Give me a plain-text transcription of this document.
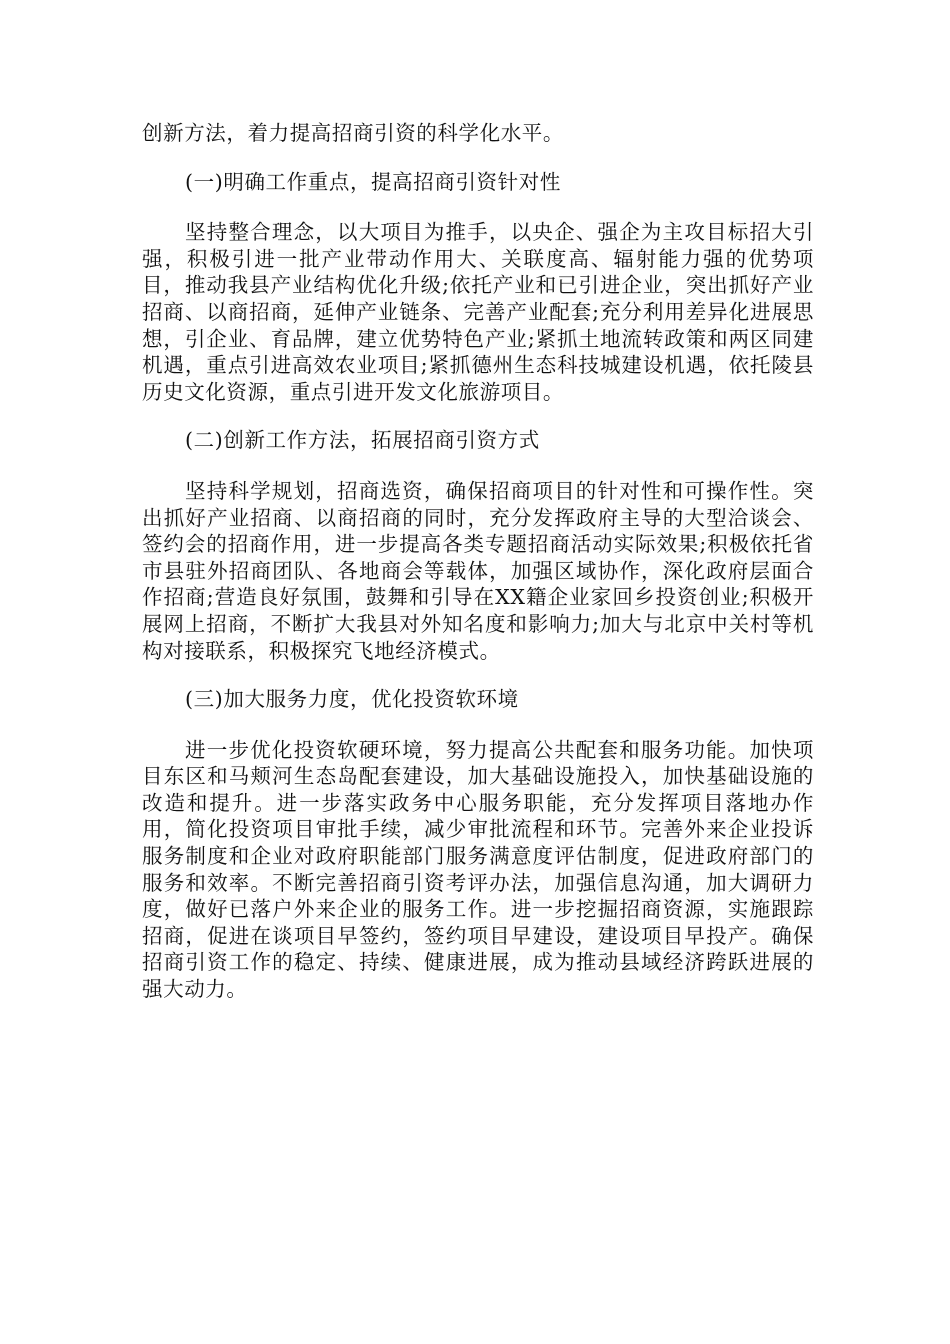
创新方法，着力提高招商引资的科学化水平。

(一)明确工作重点，提高招商引资针对性

坚持整合理念，以大项目为推手，以央企、强企为主攻目标招大引强，积极引进一批产业带动作用大、关联度高、辐射能力强的优势项目，推动我县产业结构优化升级;依托产业和已引进企业，突出抓好产业招商、以商招商，延伸产业链条、完善产业配套;充分利用差异化进展思想，引企业、育品牌，建立优势特色产业;紧抓土地流转政策和两区同建机遇，重点引进高效农业项目;紧抓德州生态科技城建设机遇，依托陵县历史文化资源，重点引进开发文化旅游项目。

(二)创新工作方法，拓展招商引资方式

坚持科学规划，招商选资，确保招商项目的针对性和可操作性。突出抓好产业招商、以商招商的同时，充分发挥政府主导的大型洽谈会、签约会的招商作用，进一步提高各类专题招商活动实际效果;积极依托省市县驻外招商团队、各地商会等载体，加强区域协作，深化政府层面合作招商;营造良好氛围，鼓舞和引导在XX籍企业家回乡投资创业;积极开展网上招商，不断扩大我县对外知名度和影响力;加大与北京中关村等机构对接联系，积极探究飞地经济模式。

(三)加大服务力度，优化投资软环境

进一步优化投资软硬环境，努力提高公共配套和服务功能。加快项目东区和马颊河生态岛配套建设，加大基础设施投入，加快基础设施的改造和提升。进一步落实政务中心服务职能，充分发挥项目落地办作用，简化投资项目审批手续，减少审批流程和环节。完善外来企业投诉服务制度和企业对政府职能部门服务满意度评估制度，促进政府部门的服务和效率。不断完善招商引资考评办法，加强信息沟通，加大调研力度，做好已落户外来企业的服务工作。进一步挖掘招商资源，实施跟踪招商，促进在谈项目早签约，签约项目早建设，建设项目早投产。确保招商引资工作的稳定、持续、健康进展，成为推动县域经济跨跃进展的强大动力。
